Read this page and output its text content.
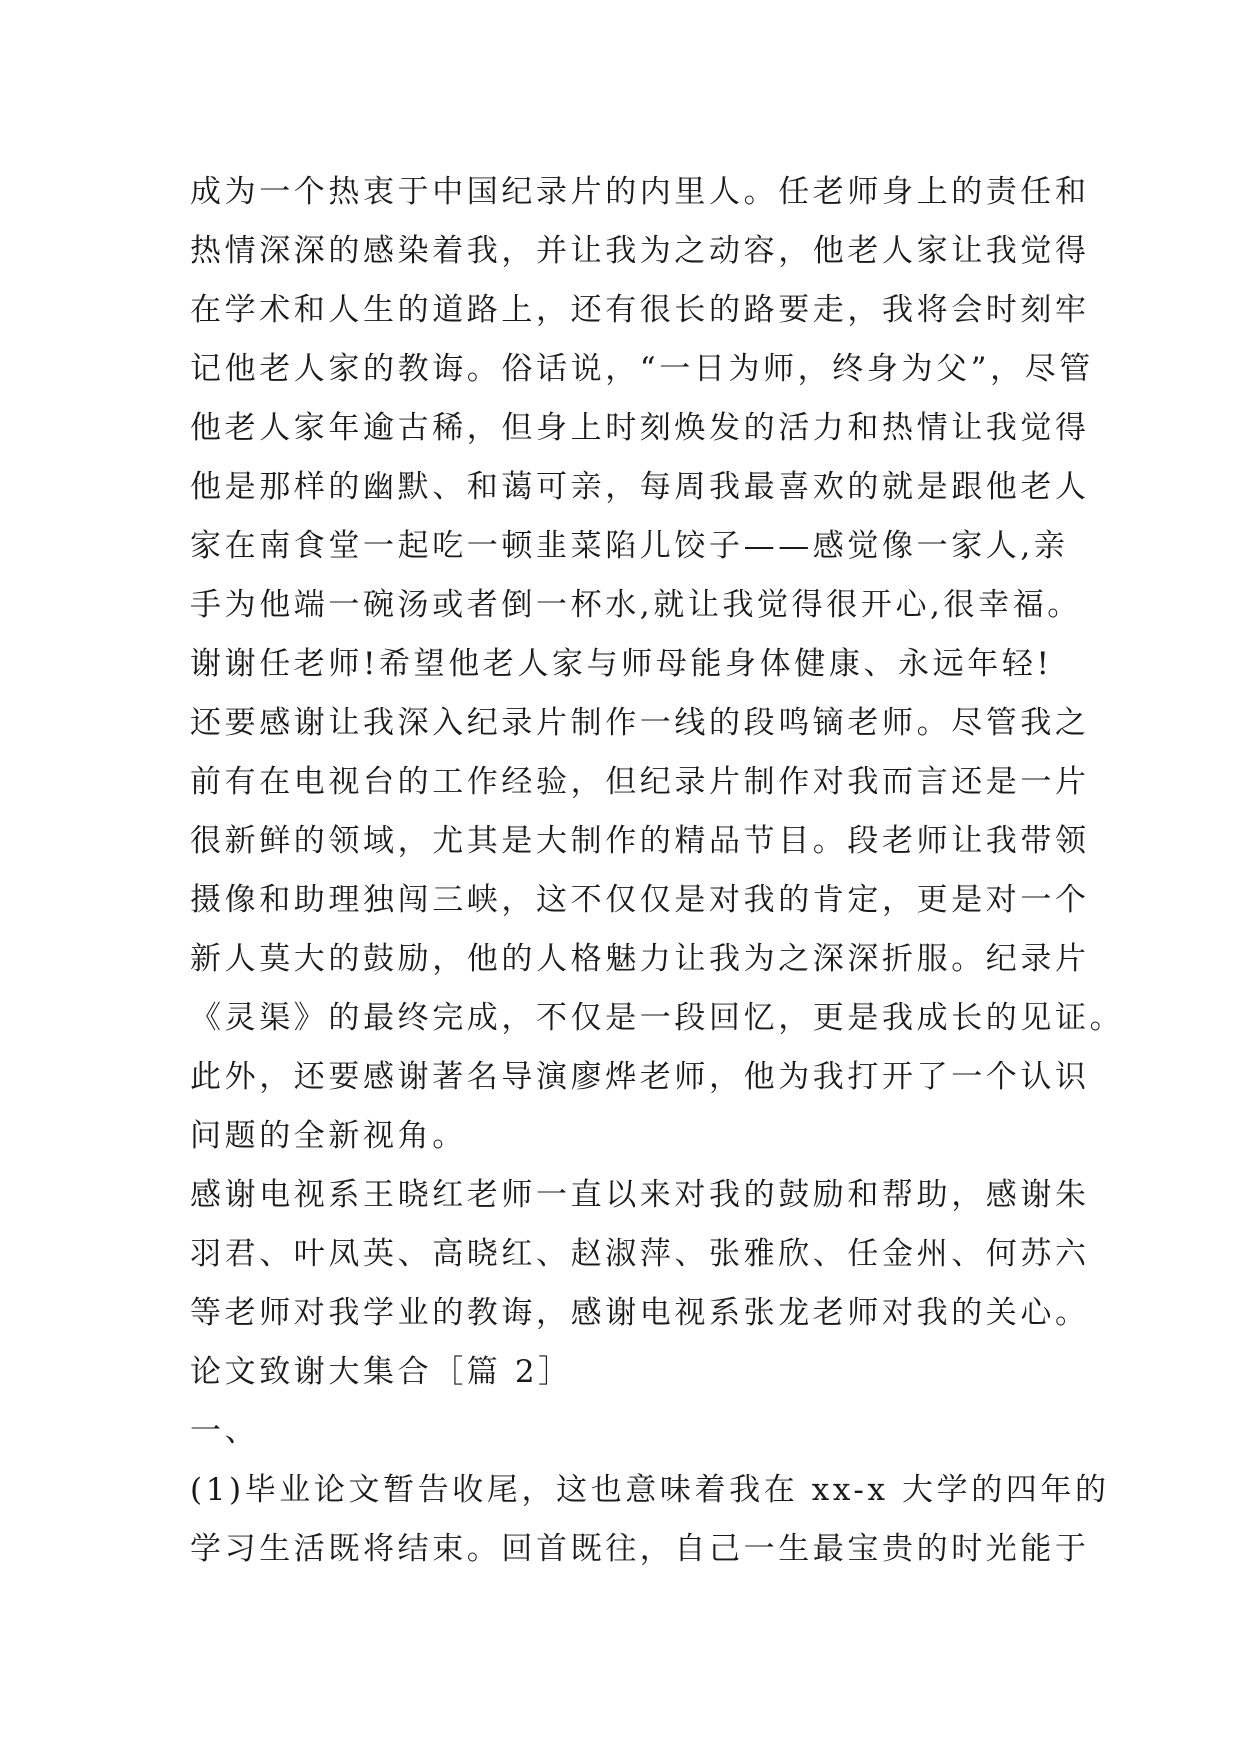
成为一个热衷于中国纪录片的内里人。任老师身上的责任和
热情深深的感染着我，并让我为之动容，他老人家让我觉得
在学术和人生的道路上，还有很长的路要走，我将会时刻牢
记他老人家的教诲。俗话说，“一日为师，终身为父”，尽管
他老人家年逾古稀，但身上时刻焕发的活力和热情让我觉得
他是那样的幽默、和蔼可亲，每周我最喜欢的就是跟他老人
家在南食堂一起吃一顿韭菜陷儿饺子——感觉像一家人,亲
手为他端一碗汤或者倒一杯水,就让我觉得很开心,很幸福。
谢谢任老师!希望他老人家与师母能身体健康、永远年轻!
还要感谢让我深入纪录片制作一线的段鸣镝老师。尽管我之
前有在电视台的工作经验，但纪录片制作对我而言还是一片
很新鲜的领域，尤其是大制作的精品节目。段老师让我带领
摄像和助理独闯三峡，这不仅仅是对我的肯定，更是对一个
新人莫大的鼓励，他的人格魅力让我为之深深折服。纪录片
《灵渠》的最终完成，不仅是一段回忆，更是我成长的见证。
此外，还要感谢著名导演廖烨老师，他为我打开了一个认识
问题的全新视角。
感谢电视系王晓红老师一直以来对我的鼓励和帮助，感谢朱
羽君、叶凤英、高晓红、赵淑萍、张雅欣、任金州、何苏六
等老师对我学业的教诲，感谢电视系张龙老师对我的关心。
论文致谢大集合［篇 2］
一、
(1)毕业论文暂告收尾，这也意味着我在 xx-x 大学的四年的
学习生活既将结束。回首既往，自己一生最宝贵的时光能于
